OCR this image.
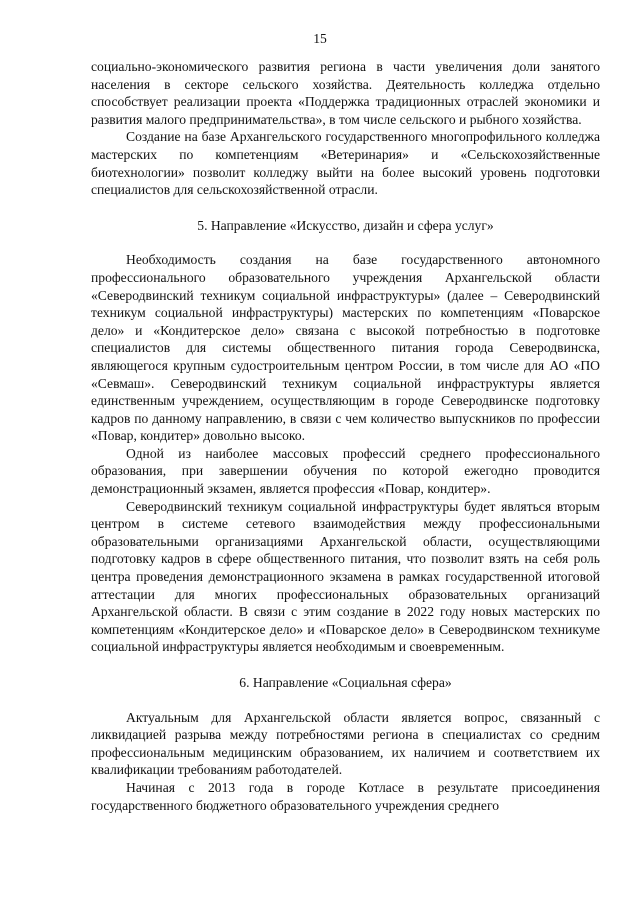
15

социально-экономического развития региона в части увеличения доли занятого населения в секторе сельского хозяйства. Деятельность колледжа отдельно способствует реализации проекта «Поддержка традиционных отраслей экономики и развития малого предпринимательства», в том числе сельского и рыбного хозяйства.

Создание на базе Архангельского государственного многопрофильного колледжа мастерских по компетенциям «Ветеринария» и «Сельскохозяйственные биотехнологии» позволит колледжу выйти на более высокий уровень подготовки специалистов для сельскохозяйственной отрасли.

5. Направление «Искусство, дизайн и сфера услуг»

Необходимость создания на базе государственного автономного профессионального образовательного учреждения Архангельской области «Северодвинский техникум социальной инфраструктуры» (далее – Северодвинский техникум социальной инфраструктуры) мастерских по компетенциям «Поварское дело» и «Кондитерское дело» связана с высокой потребностью в подготовке специалистов для системы общественного питания города Северодвинска, являющегося крупным судостроительным центром России, в том числе для АО «ПО «Севмаш». Северодвинский техникум социальной инфраструктуры является единственным учреждением, осуществляющим в городе Северодвинске подготовку кадров по данному направлению, в связи с чем количество выпускников по профессии «Повар, кондитер» довольно высоко.

Одной из наиболее массовых профессий среднего профессионального образования, при завершении обучения по которой ежегодно проводится демонстрационный экзамен, является профессия «Повар, кондитер».

Северодвинский техникум социальной инфраструктуры будет являться вторым центром в системе сетевого взаимодействия между профессиональными образовательными организациями Архангельской области, осуществляющими подготовку кадров в сфере общественного питания, что позволит взять на себя роль центра проведения демонстрационного экзамена в рамках государственной итоговой аттестации для многих профессиональных образовательных организаций Архангельской области. В связи с этим создание в 2022 году новых мастерских по компетенциям «Кондитерское дело» и «Поварское дело» в Северодвинском техникуме социальной инфраструктуры является необходимым и своевременным.

6. Направление «Социальная сфера»

Актуальным для Архангельской области является вопрос, связанный с ликвидацией разрыва между потребностями региона в специалистах со средним профессиональным медицинским образованием, их наличием и соответствием их квалификации требованиям работодателей.

Начиная с 2013 года в городе Котласе в результате присоединения государственного бюджетного образовательного учреждения среднего
